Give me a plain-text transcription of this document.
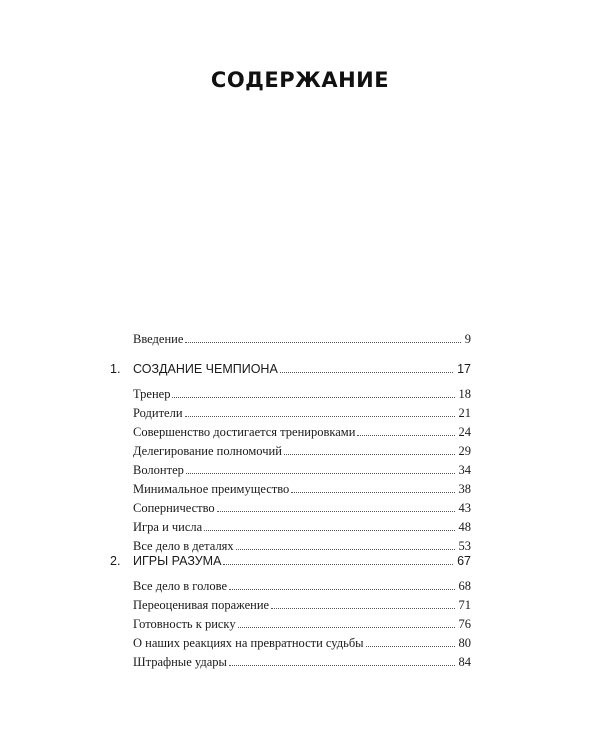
СОДЕРЖАНИЕ
Введение	9
1. СОЗДАНИЕ ЧЕМПИОНА	17
Тренер	18
Родители	21
Совершенство достигается тренировками	24
Делегирование полномочий	29
Волонтер	34
Минимальное преимущество	38
Соперничество	43
Игра и числа	48
Все дело в деталях	53
2. ИГРЫ РАЗУМА	67
Все дело в голове	68
Переоценивая поражение	71
Готовность к риску	76
О наших реакциях на превратности судьбы	80
Штрафные удары	84
